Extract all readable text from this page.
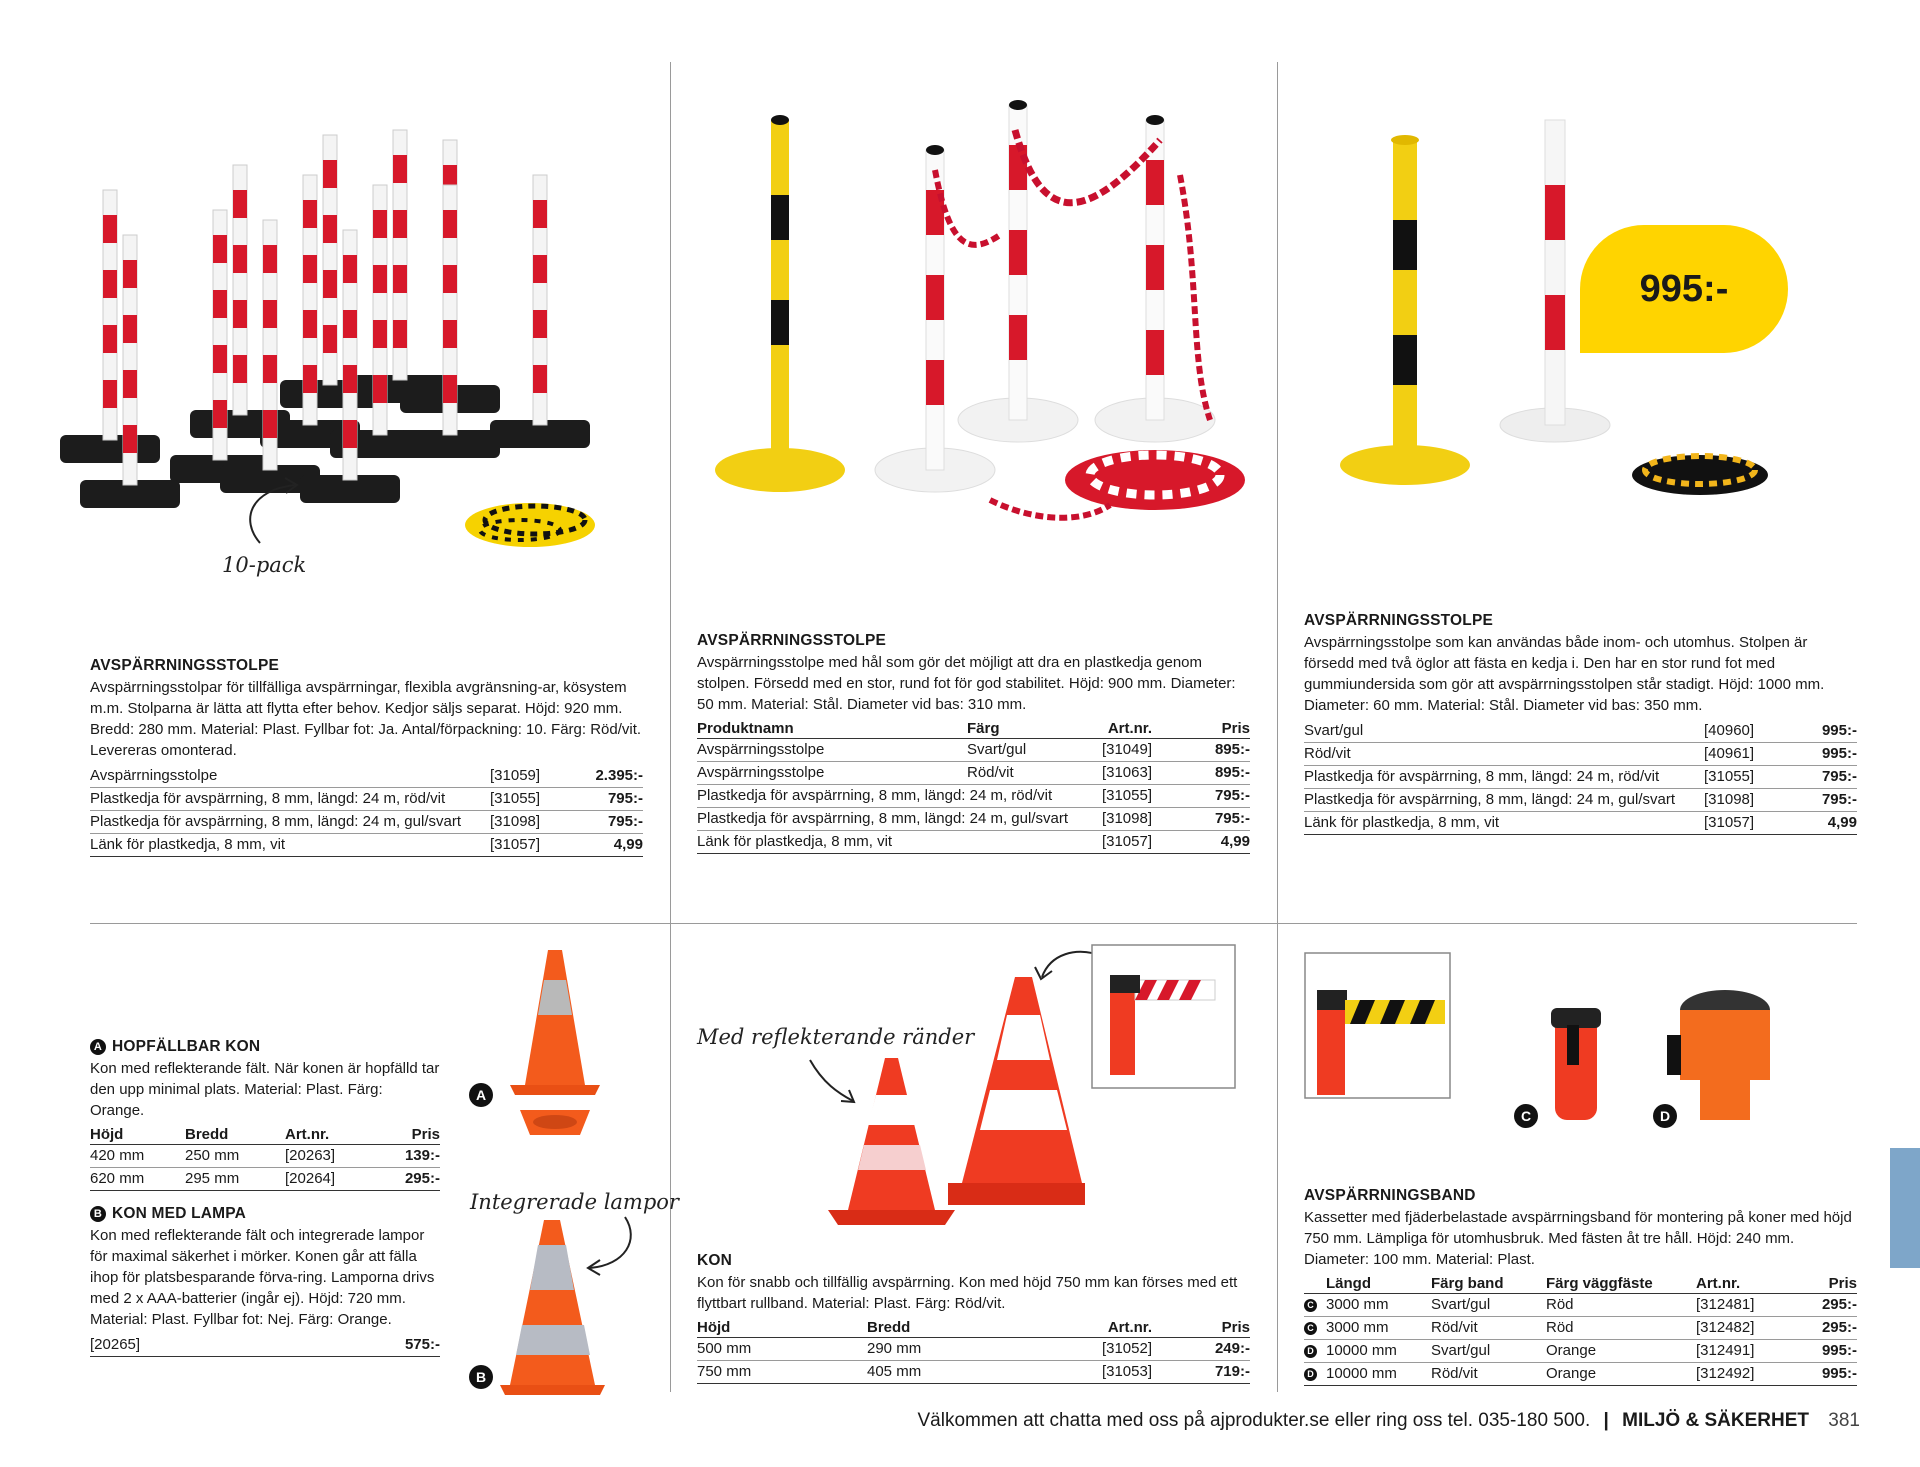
10-pack
995:-
AVSPÄRRNINGSSTOLPE

Avspärrningsstolpar för tillfälliga avspärrningar, flexibla avgränsning-ar, kösystem m.m. Stolparna är lätta att flytta efter behov. Kedjor säljs separat. Höjd: 920 mm. Bredd: 280 mm. Material: Plast. Fyllbar fot: Ja. Antal/förpackning: 10. Färg: Röd/vit. Levereras omonterad.

Avspärrningsstolpe	[31059]	2.395:-
Plastkedja för avspärrning, 8 mm, längd: 24 m, röd/vit	[31055]	795:-
Plastkedja för avspärrning, 8 mm, längd: 24 m, gul/svart	[31098]	795:-
Länk för plastkedja, 8 mm, vit	[31057]	4,99
AVSPÄRRNINGSSTOLPE

Avspärrningsstolpe med hål som gör det möjligt att dra en plastkedja genom stolpen. Försedd med en stor, rund fot för god stabilitet. Höjd: 900 mm. Diameter: 50 mm. Material: Stål. Diameter vid bas: 310 mm.

Produktnamn	Färg	Art.nr.	Pris
Avspärrningsstolpe	Svart/gul	[31049]	895:-
Avspärrningsstolpe	Röd/vit	[31063]	895:-
Plastkedja för avspärrning, 8 mm, längd: 24 m, röd/vit		[31055]	795:-
Plastkedja för avspärrning, 8 mm, längd: 24 m, gul/svart		[31098]	795:-
Länk för plastkedja, 8 mm, vit		[31057]	4,99
AVSPÄRRNINGSSTOLPE

Avspärrningsstolpe som kan användas både inom- och utomhus. Stolpen är försedd med två öglor att fästa en kedja i. Den har en stor rund fot med gummiundersida som gör att avspärrningsstolpen står stadigt. Höjd: 1000 mm. Diameter: 60 mm. Material: Stål. Diameter vid bas: 350 mm.

Svart/gul	[40960]	995:-
Röd/vit	[40961]	995:-
Plastkedja för avspärrning, 8 mm, längd: 24 m, röd/vit	[31055]	795:-
Plastkedja för avspärrning, 8 mm, längd: 24 m, gul/svart	[31098]	795:-
Länk för plastkedja, 8 mm, vit	[31057]	4,99
A
Integrerade lampor
B
A HOPFÄLLBAR KON

Kon med reflekterande fält. När konen är hopfälld tar den upp minimal plats. Material: Plast. Färg: Orange.

Höjd	Bredd	Art.nr.	Pris
420 mm	250 mm	[20263]	139:-
620 mm	295 mm	[20264]	295:-
B KON MED LAMPA

Kon med reflekterande fält och integrerade lampor för maximal säkerhet i mörker. Konen går att fälla ihop för platsbesparande förva-ring. Lamporna drivs med 2 x AAA-batterier (ingår ej). Höjd: 720 mm. Material: Plast. Fyllbar fot: Nej. Färg: Orange.

[20265]	575:-
Med reflekterande ränder
KON

Kon för snabb och tillfällig avspärrning. Kon med höjd 750 mm kan förses med ett flyttbart rullband. Material: Plast. Färg: Röd/vit.

Höjd	Bredd	Art.nr.	Pris
500 mm	290 mm	[31052]	249:-
750 mm	405 mm	[31053]	719:-
C	D
AVSPÄRRNINGSBAND

Kassetter med fjäderbelastade avspärrningsband för montering på koner med höjd 750 mm. Lämpliga för utomhusbruk. Med fästen åt tre håll. Höjd: 240 mm. Diameter: 100 mm. Material: Plast.

	Längd	Färg band	Färg väggfäste	Art.nr.	Pris
C	3000 mm	Svart/gul	Röd	[312481]	295:-
C	3000 mm	Röd/vit	Röd	[312482]	295:-
D	10000 mm	Svart/gul	Orange	[312491]	995:-
D	10000 mm	Röd/vit	Orange	[312492]	995:-
Välkommen att chatta med oss på ajprodukter.se eller ring oss tel. 035-180 500. | MILJÖ & SÄKERHET 381
